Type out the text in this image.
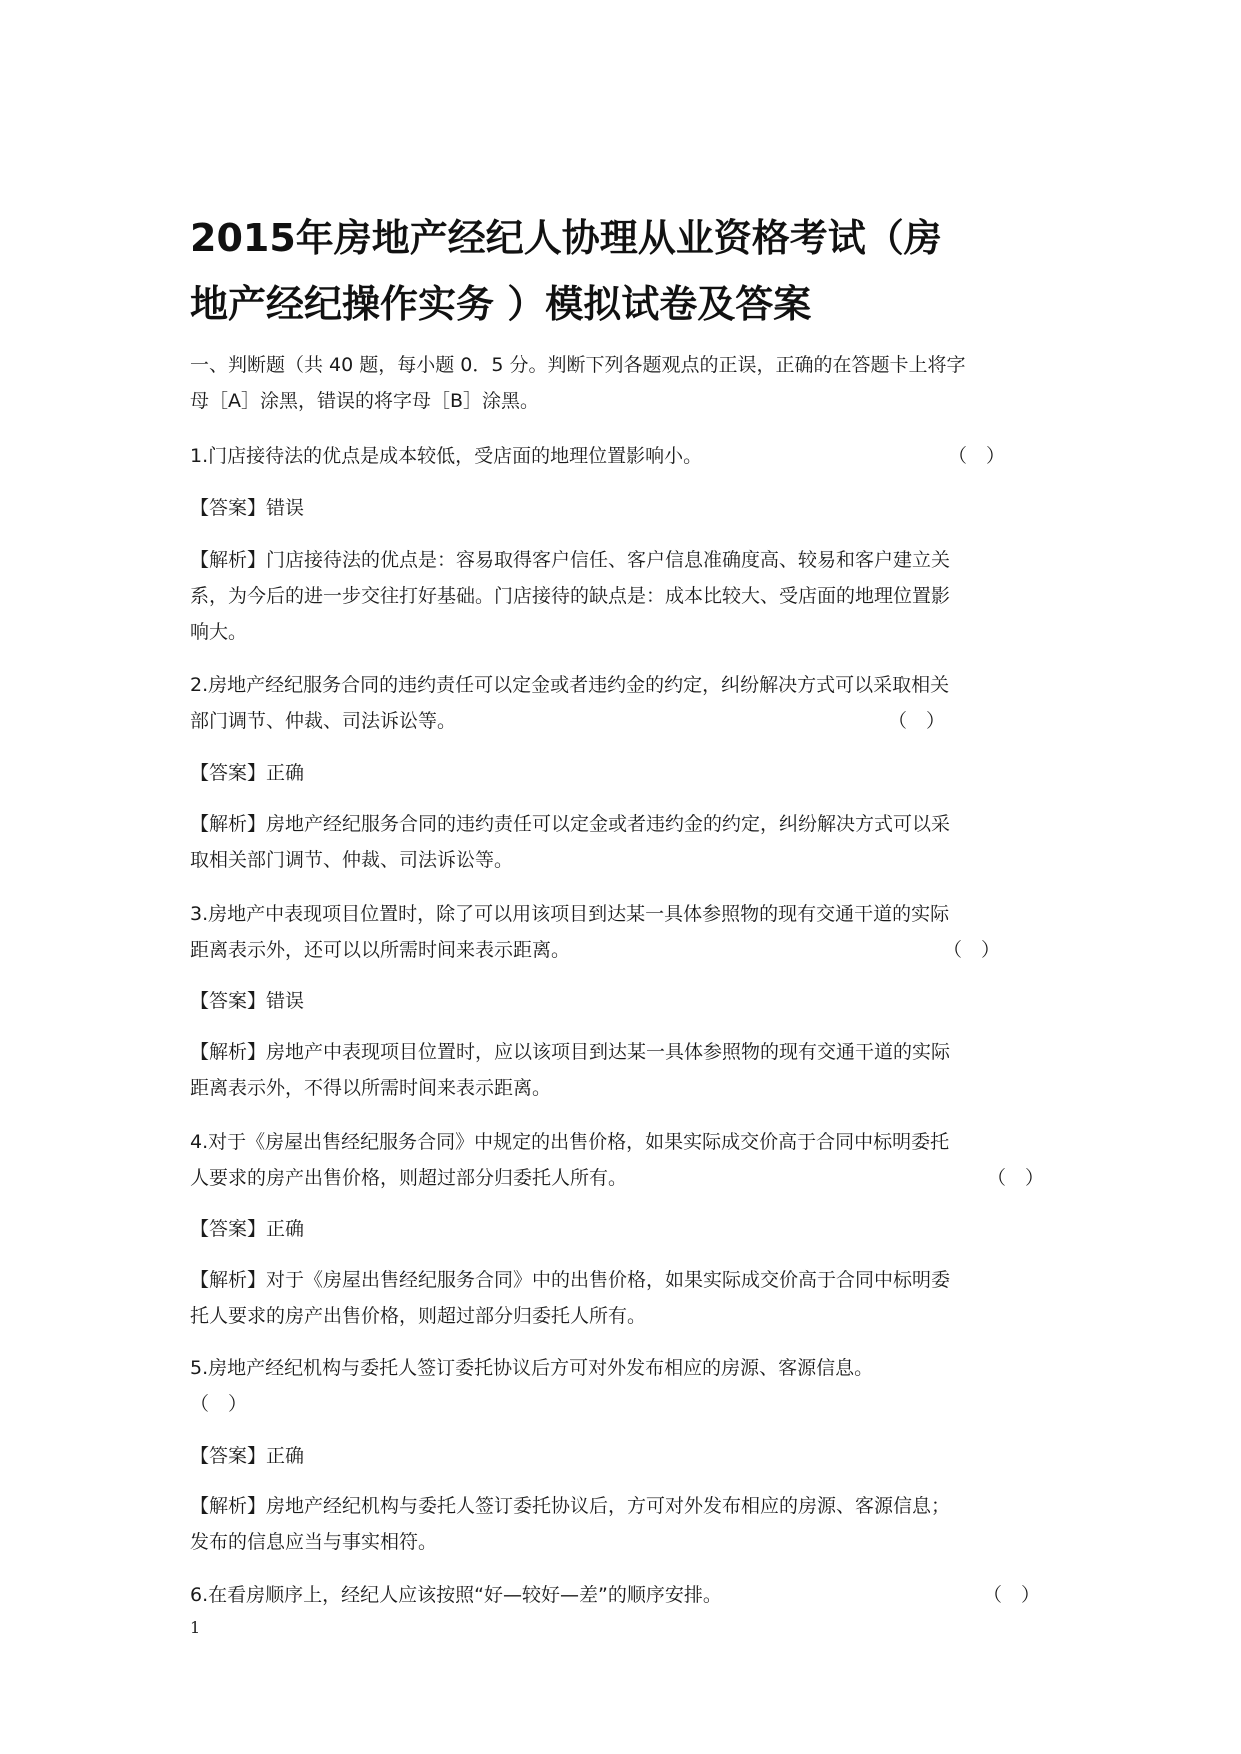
2015年房地产经纪人协理从业资格考试（房
地产经纪操作实务 ）模拟试卷及答案

一、判断题（共 40 题，每小题 0．5 分。判断下列各题观点的正误，正确的在答题卡上将字
母［A］涂黑，错误的将字母［B］涂黑。

1.门店接待法的优点是成本较低，受店面的地理位置影响小。	（　）

【答案】错误

【解析】门店接待法的优点是：容易取得客户信任、客户信息准确度高、较易和客户建立关
系，为今后的进一步交往打好基础。门店接待的缺点是：成本比较大、受店面的地理位置影
响大。

2.房地产经纪服务合同的违约责任可以定金或者违约金的约定，纠纷解决方式可以采取相关
部门调节、仲裁、司法诉讼等。	（　）

【答案】正确

【解析】房地产经纪服务合同的违约责任可以定金或者违约金的约定，纠纷解决方式可以采
取相关部门调节、仲裁、司法诉讼等。

3.房地产中表现项目位置时，除了可以用该项目到达某一具体参照物的现有交通干道的实际
距离表示外，还可以以所需时间来表示距离。	（　）

【答案】错误

【解析】房地产中表现项目位置时，应以该项目到达某一具体参照物的现有交通干道的实际
距离表示外，不得以所需时间来表示距离。

4.对于《房屋出售经纪服务合同》中规定的出售价格，如果实际成交价高于合同中标明委托
人要求的房产出售价格，则超过部分归委托人所有。	（　）

【答案】正确

【解析】对于《房屋出售经纪服务合同》中的出售价格，如果实际成交价高于合同中标明委
托人要求的房产出售价格，则超过部分归委托人所有。

5.房地产经纪机构与委托人签订委托协议后方可对外发布相应的房源、客源信息。
（　）

【答案】正确

【解析】房地产经纪机构与委托人签订委托协议后，方可对外发布相应的房源、客源信息；
发布的信息应当与事实相符。

6.在看房顺序上，经纪人应该按照“好—较好—差”的顺序安排。	（　）
1
